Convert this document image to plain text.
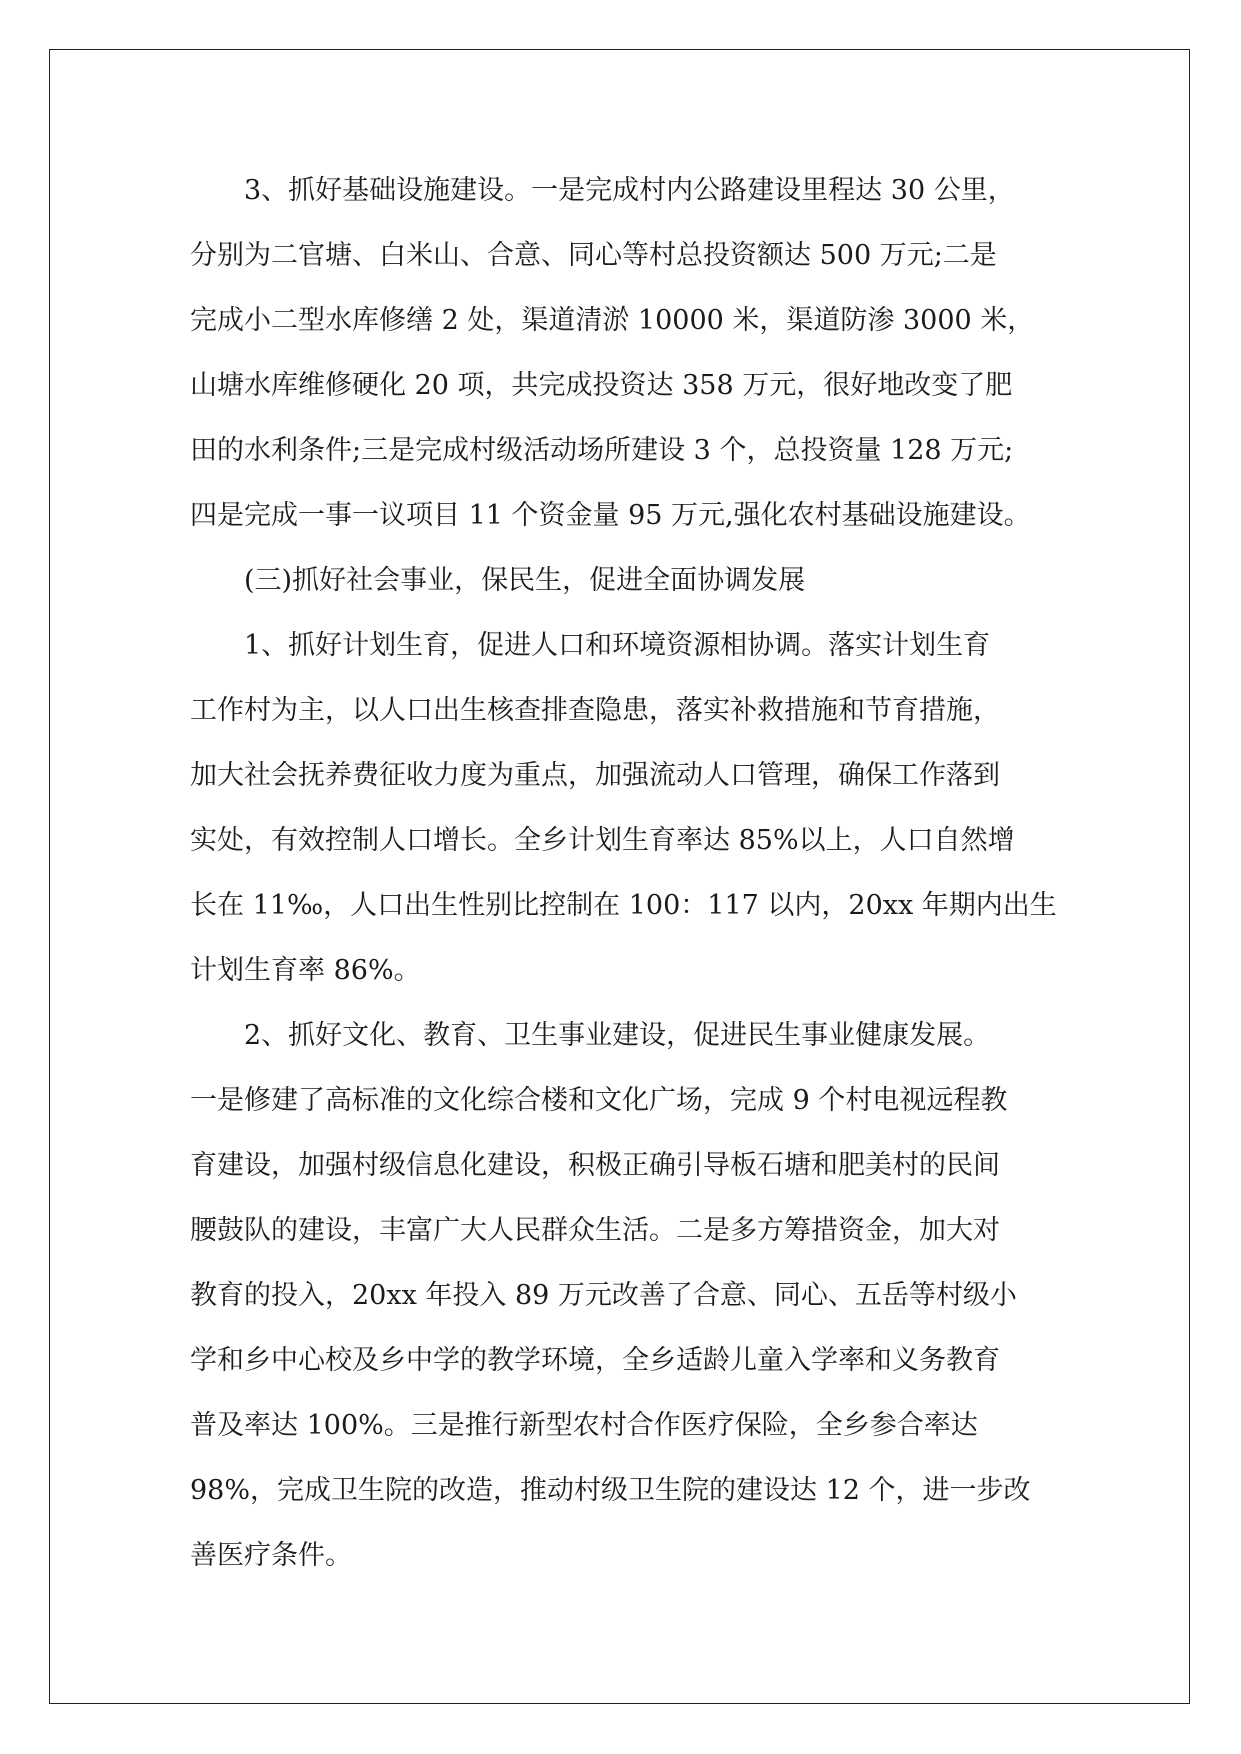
3、抓好基础设施建设。一是完成村内公路建设里程达 30 公里，
分别为二官塘、白米山、合意、同心等村总投资额达 500 万元;二是
完成小二型水库修缮 2 处，渠道清淤 10000 米，渠道防渗 3000 米，
山塘水库维修硬化 20 项，共完成投资达 358 万元，很好地改变了肥
田的水利条件;三是完成村级活动场所建设 3 个，总投资量 128 万元;
四是完成一事一议项目 11 个资金量 95 万元,强化农村基础设施建设。
(三)抓好社会事业，保民生，促进全面协调发展
1、抓好计划生育，促进人口和环境资源相协调。落实计划生育
工作村为主，以人口出生核查排查隐患，落实补救措施和节育措施，
加大社会抚养费征收力度为重点，加强流动人口管理，确保工作落到
实处，有效控制人口增长。全乡计划生育率达 85%以上，人口自然增
长在 11‰，人口出生性别比控制在 100：117 以内，20xx 年期内出生
计划生育率 86%。
2、抓好文化、教育、卫生事业建设，促进民生事业健康发展。
一是修建了高标准的文化综合楼和文化广场，完成 9 个村电视远程教
育建设，加强村级信息化建设，积极正确引导板石塘和肥美村的民间
腰鼓队的建设，丰富广大人民群众生活。二是多方筹措资金，加大对
教育的投入，20xx 年投入 89 万元改善了合意、同心、五岳等村级小
学和乡中心校及乡中学的教学环境，全乡适龄儿童入学率和义务教育
普及率达 100%。三是推行新型农村合作医疗保险，全乡参合率达
98%，完成卫生院的改造，推动村级卫生院的建设达 12 个，进一步改
善医疗条件。
